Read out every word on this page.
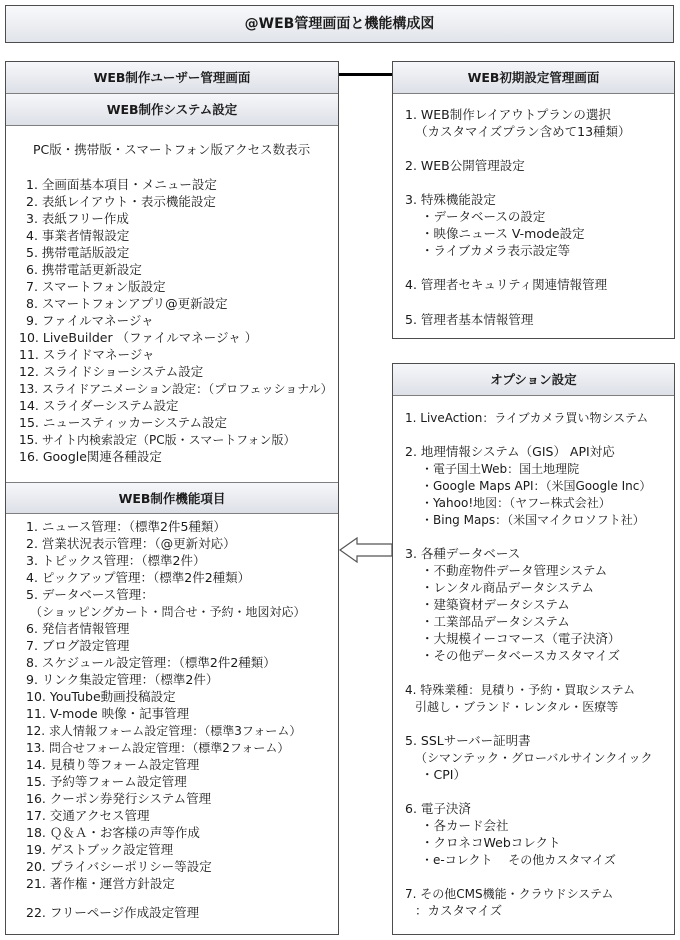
@WEB管理画面と機能構成図
WEB制作ユーザー管理画面
WEB制作システム設定
PC版・携帯版・スマートフォン版アクセス数表示
1. 全画面基本項目・メニュー設定
2. 表紙レイアウト・表示機能設定
3. 表紙フリー作成
4. 事業者情報設定
5. 携帯電話版設定
6. 携帯電話更新設定
7. スマートフォン版設定
8. スマートフォンアプリ@更新設定
9. ファイルマネージャ
10. LiveBuilder （ファイルマネージャ ）
11. スライドマネージャ
12. スライドショーシステム設定
13. スライドアニメーション設定：（プロフェッショナル）
14. スライダーシステム設定
15. ニュースティッカーシステム設定
15. サイト内検索設定（PC版・スマートフォン版）
16. Google関連各種設定
WEB制作機能項目
1. ニュース管理：（標準2件5種類）
2. 営業状況表示管理：（@更新対応）
3. トピックス管理：（標準2件）
4. ピックアップ管理：（標準2件2種類）
5. データベース管理：
（ショッピングカート・問合せ・予約・地図対応）
6. 発信者情報管理
7. ブログ設定管理
8. スケジュール設定管理：（標準2件2種類）
9. リンク集設定管理：（標準2件）
10. YouTube動画投稿設定
11. V-mode 映像・記事管理
12. 求人情報フォーム設定管理：（標準3フォーム）
13. 問合せフォーム設定管理：（標準2フォーム）
14. 見積り等フォーム設定管理
15. 予約等フォーム設定管理
16. クーポン券発行システム管理
17. 交通アクセス管理
18. Ｑ＆Ａ・お客様の声等作成
19. ゲストブック設定管理
20. プライバシーポリシー等設定
21. 著作権・運営方針設定
22. フリーページ作成設定管理
WEB初期設定管理画面
1. WEB制作レイアウトプランの選択
（カスタマイズプラン含めて13種類）
2. WEB公開管理設定
3. 特殊機能設定
・データベースの設定
・映像ニュース V-mode設定
・ライブカメラ表示設定等
4. 管理者セキュリティ関連情報管理
5. 管理者基本情報管理
オプション設定
1. LiveAction：ライブカメラ買い物システム
2. 地理情報システム（GIS） API対応
・電子国土Web：国土地理院
・Google Maps API：（米国Google Inc）
・Yahoo!地図：（ヤフー株式会社）
・Bing Maps：（米国マイクロソフト社）
3. 各種データベース
・不動産物件データ管理システム
・レンタル商品データシステム
・建築資材データシステム
・工業部品データシステム
・大規模イーコマース（電子決済）
・その他データベースカスタマイズ
4. 特殊業種：見積り・予約・買取システム
引越し・ブランド・レンタル・医療等
5. SSLサーバー証明書
（シマンテック・グローバルサインクイック
・CPI）
6. 電子決済
・各カード会社
・クロネコWebコレクト
・e-コレクト　 その他カスタマイズ
7. その他CMS機能・クラウドシステム
：カスタマイズ
